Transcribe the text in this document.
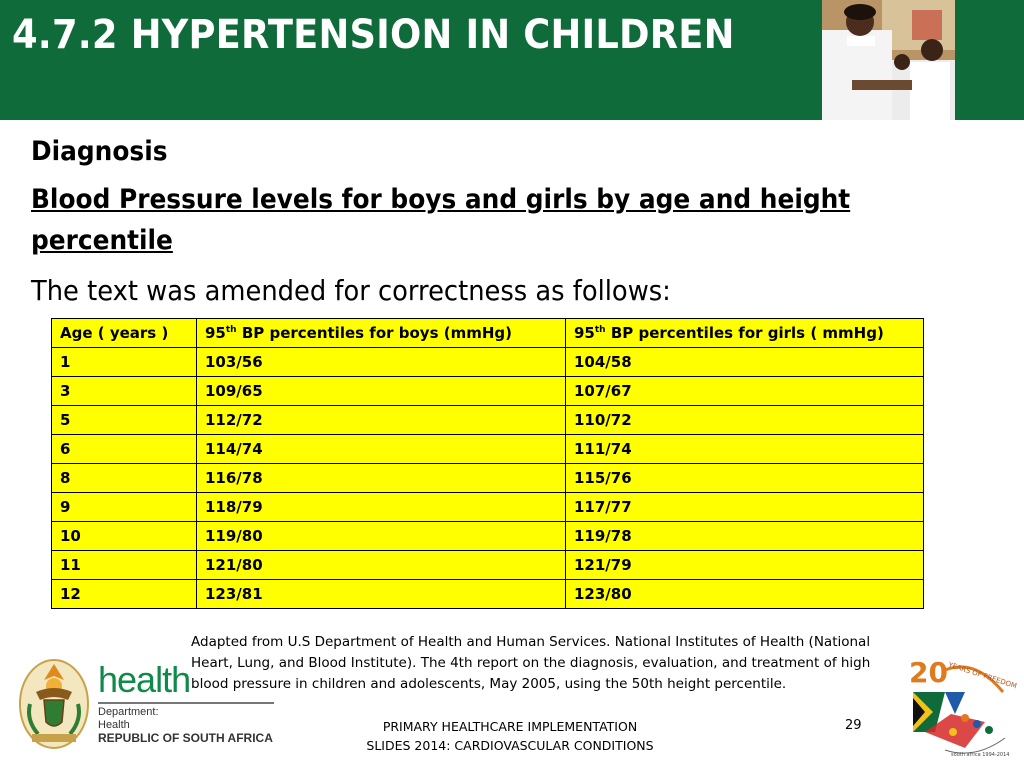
4.7.2 HYPERTENSION IN CHILDREN
Diagnosis
Blood Pressure levels for boys and girls by age and height
percentile
The text was amended for correctness as follows:
Age ( years )	95th BP percentiles for boys (mmHg)	95th BP percentiles for girls ( mmHg)
1	103/56	104/58
3	109/65	107/67
5	112/72	110/72
6	114/74	111/74
8	116/78	115/76
9	118/79	117/77
10	119/80	119/78
11	121/80	121/79
12	123/81	123/80
Adapted from U.S Department of Health and Human Services. National Institutes of Health (National Heart, Lung, and Blood Institute). The 4th report on the diagnosis, evaluation, and treatment of high blood pressure in children and adolescents, May 2005, using the 50th height percentile.
health
Department:
Health
REPUBLIC OF SOUTH AFRICA
PRIMARY HEALTHCARE IMPLEMENTATION
SLIDES 2014: CARDIOVASCULAR CONDITIONS
29
20 YEARS OF FREEDOM
south africa 1994-2014
